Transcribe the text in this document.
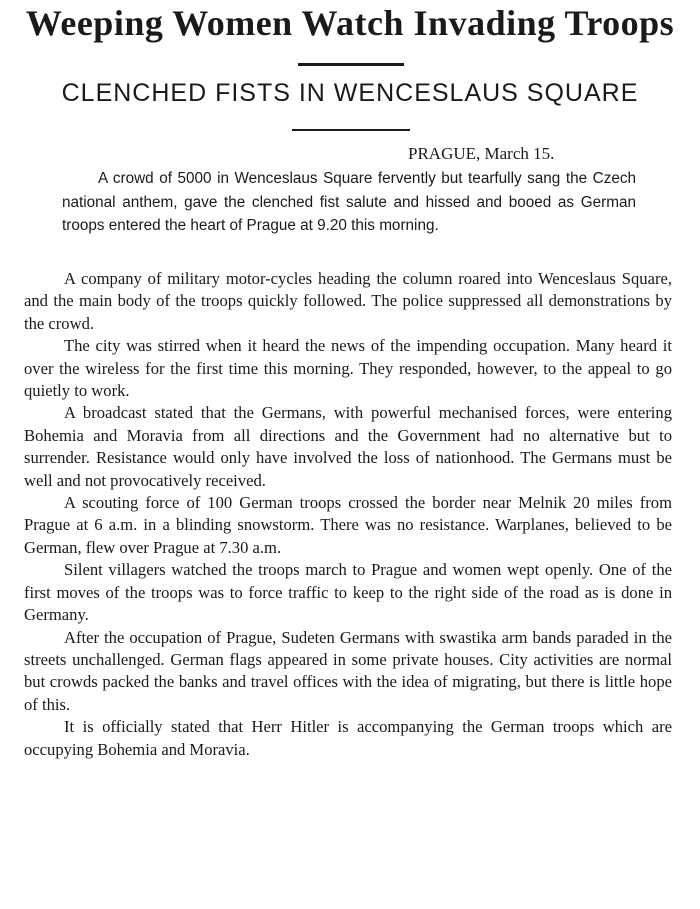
Weeping Women Watch Invading Troops
CLENCHED FISTS IN WENCESLAUS SQUARE
PRAGUE, March 15.

A crowd of 5000 in Wenceslaus Square fervently but tearfully sang the Czech national anthem, gave the clenched fist salute and hissed and booed as German troops entered the heart of Prague at 9.20 this morning.

A company of military motor-cycles heading the column roared into Wenceslaus Square, and the main body of the troops quickly followed. The police suppressed all demonstrations by the crowd.

The city was stirred when it heard the news of the impending occupation. Many heard it over the wireless for the first time this morning. They responded, however, to the appeal to go quietly to work.

A broadcast stated that the Germans, with powerful mechanised forces, were entering Bohemia and Moravia from all directions and the Government had no alternative but to surrender. Resistance would only have involved the loss of nationhood. The Germans must be well and not provocatively received.

A scouting force of 100 German troops crossed the border near Melnik 20 miles from Prague at 6 a.m. in a blinding snowstorm. There was no resistance. Warplanes, believed to be German, flew over Prague at 7.30 a.m.

Silent villagers watched the troops march to Prague and women wept openly. One of the first moves of the troops was to force traffic to keep to the right side of the road as is done in Germany.

After the occupation of Prague, Sudeten Germans with swastika arm bands paraded in the streets unchallenged. German flags appeared in some private houses. City activities are normal but crowds packed the banks and travel offices with the idea of migrating, but there is little hope of this.

It is officially stated that Herr Hitler is accompanying the German troops which are occupying Bohemia and Moravia.
